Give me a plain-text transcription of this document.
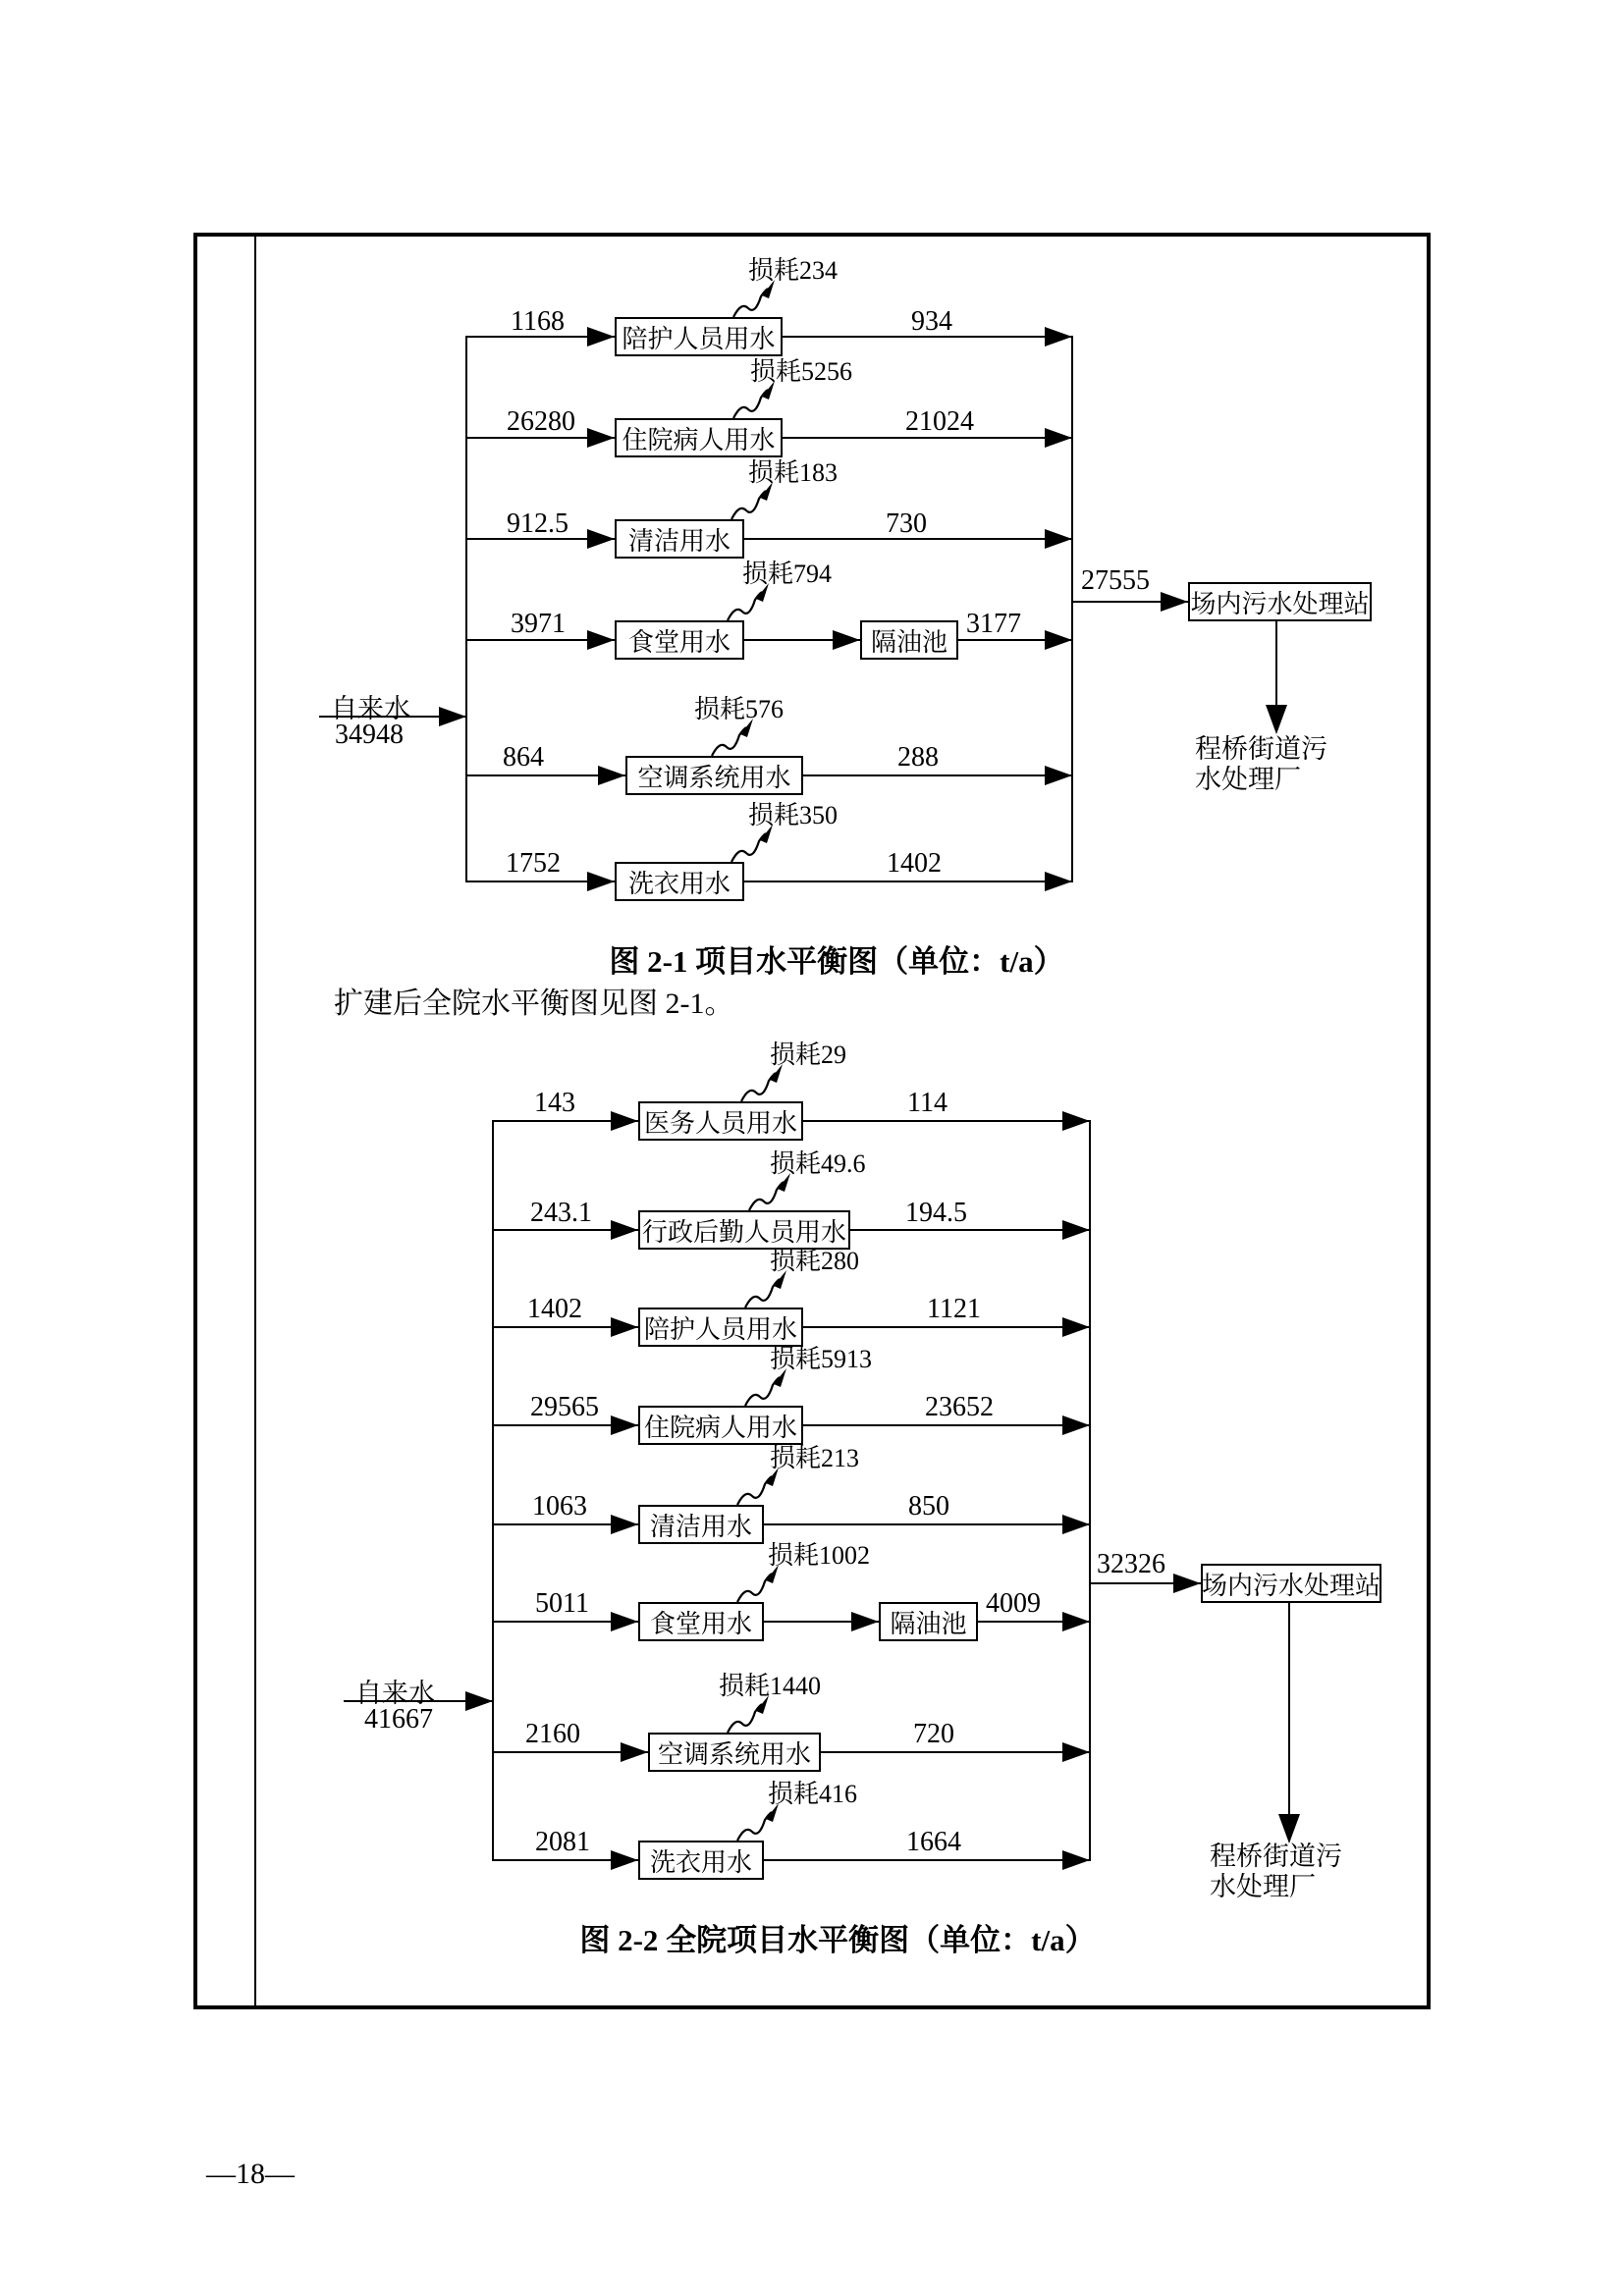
自来水
34948
1168
陪护人员用水
934
损耗234
26280
住院病人用水
21024
损耗5256
912.5
清洁用水
730
损耗183
3971
食堂用水	隔油池
3177
损耗794
864
空调系统用水
288
损耗576
1752
洗衣用水
1402
损耗350
27555
场内污水处理站
程桥街道污
水处理厂
图 2-1 项目水平衡图（单位：t/a）
扩建后全院水平衡图见图 2-1。
自来水
41667
143
医务人员用水
114
损耗29
243.1
行政后勤人员用水
194.5
损耗49.6
1402
陪护人员用水
1121
损耗280
29565
住院病人用水
23652
损耗5913
1063
清洁用水
850
损耗213
5011
食堂用水	隔油池
4009
损耗1002
2160
空调系统用水
720
损耗1440
2081
洗衣用水
1664
损耗416
32326
场内污水处理站
程桥街道污
水处理厂
图 2-2 全院项目水平衡图（单位：t/a）
—18—
